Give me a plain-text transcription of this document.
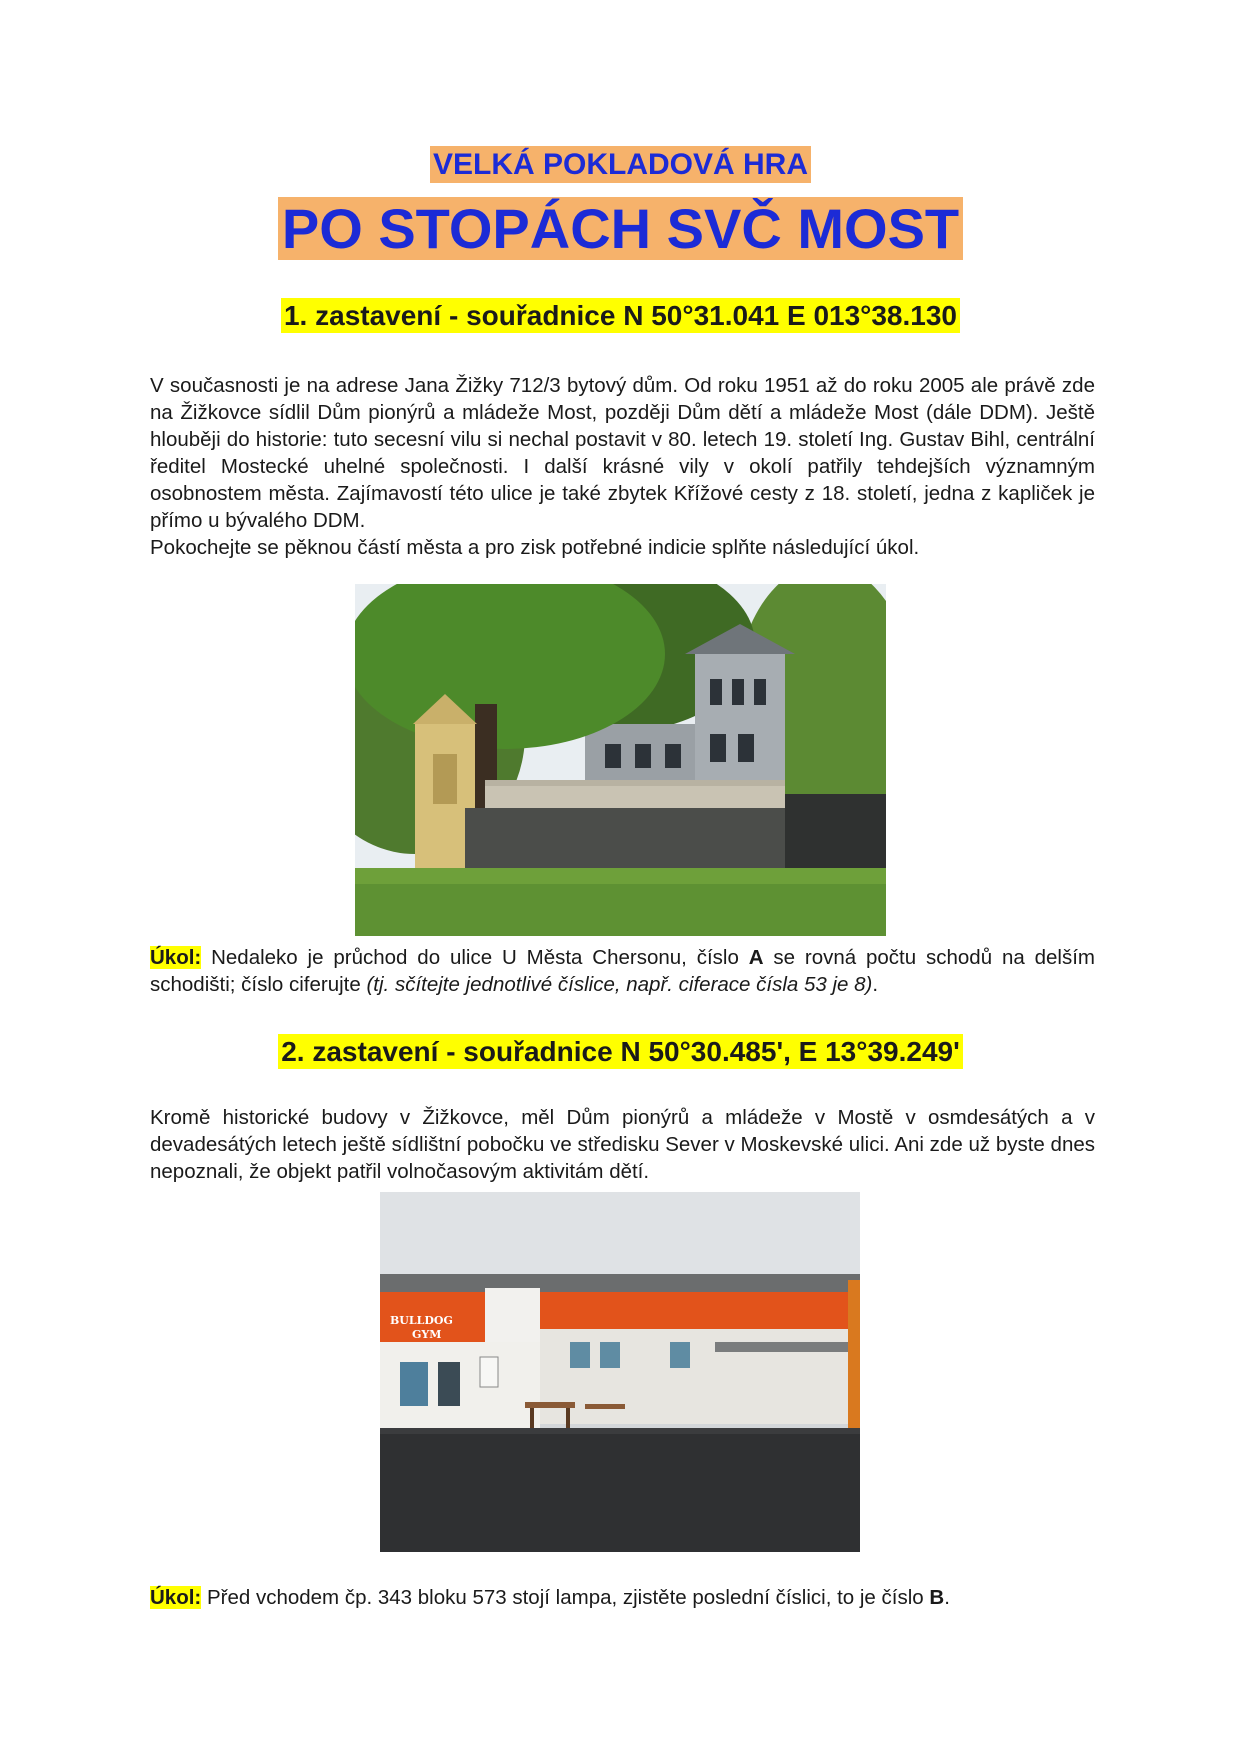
VELKÁ POKLADOVÁ HRA
PO STOPÁCH SVČ MOST
1. zastavení - souřadnice N 50°31.041 E 013°38.130

V současnosti je na adrese Jana Žižky 712/3 bytový dům. Od roku 1951 až do roku 2005 ale právě zde na Žižkovce sídlil Dům pionýrů a mládeže Most, později Dům dětí a mládeže Most (dále DDM). Ještě hlouběji do historie: tuto secesní vilu si nechal postavit v 80. letech 19. století Ing. Gustav Bihl, centrální ředitel Mostecké uhelné společnosti. I další krásné vily v okolí patřily tehdejších významným osobnostem města. Zajímavostí této ulice je také zbytek Křížové cesty z 18. století, jedna z kapliček je přímo u bývalého DDM.

Pokochejte se pěknou částí města a pro zisk potřebné indicie splňte následující úkol.

Úkol: Nedaleko je průchod do ulice U Města Chersonu, číslo A se rovná počtu schodů na delším schodišti; číslo ciferujte (tj. sčítejte jednotlivé číslice, např. ciferace čísla 53 je 8).

2. zastavení - souřadnice N 50°30.485', E 13°39.249'

Kromě historické budovy v Žižkovce, měl Dům pionýrů a mládeže v Mostě v osmdesátých a v devadesátých letech ještě sídlištní pobočku ve středisku Sever v Moskevské ulici. Ani zde už byste dnes nepoznali, že objekt patřil volnočasovým aktivitám dětí.

BULLDOG
GYM

Úkol: Před vchodem čp. 343 bloku 573 stojí lampa, zjistěte poslední číslici, to je číslo B.
